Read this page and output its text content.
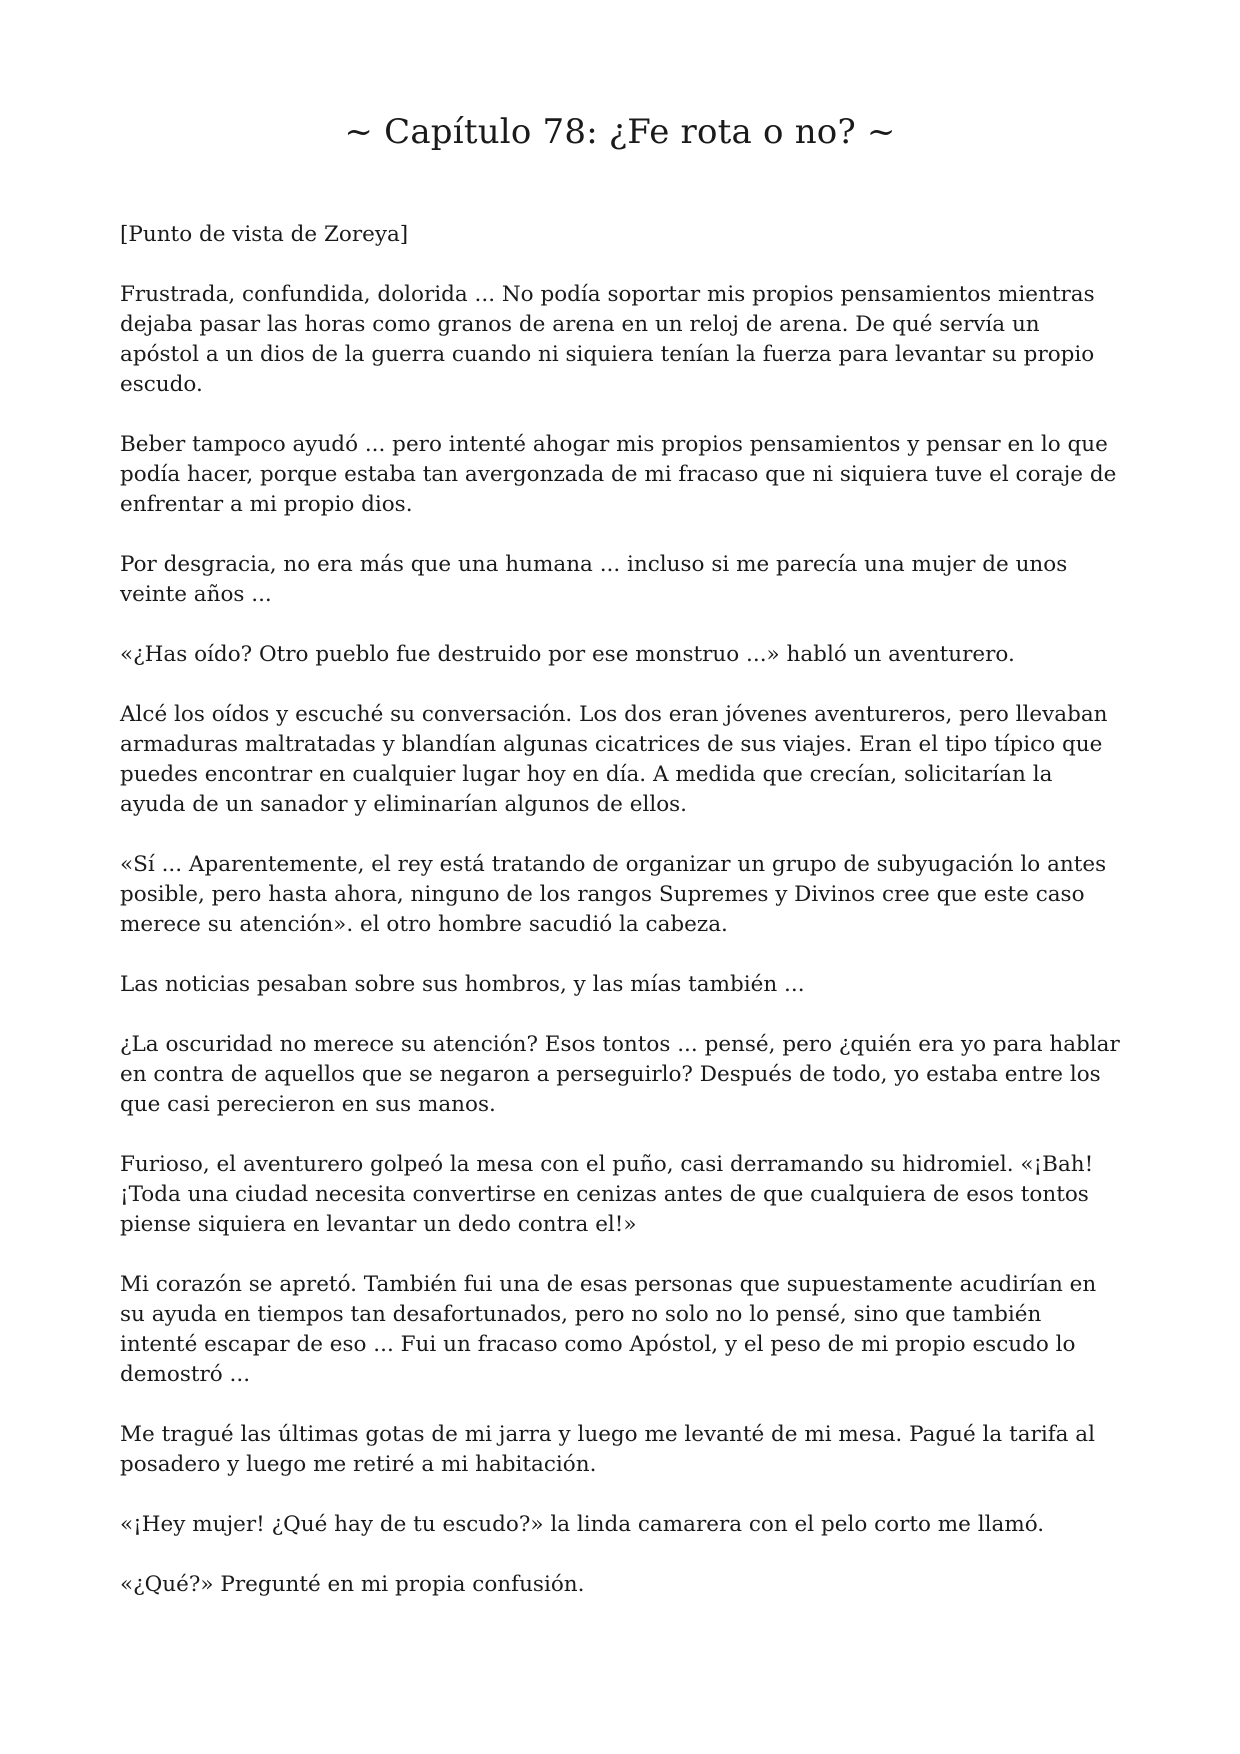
~ Capítulo 78: ¿Fe rota o no? ~

[Punto de vista de Zoreya]

Frustrada, confundida, dolorida ... No podía soportar mis propios pensamientos mientras dejaba pasar las horas como granos de arena en un reloj de arena. De qué servía un apóstol a un dios de la guerra cuando ni siquiera tenían la fuerza para levantar su propio escudo.

Beber tampoco ayudó ... pero intenté ahogar mis propios pensamientos y pensar en lo que podía hacer, porque estaba tan avergonzada de mi fracaso que ni siquiera tuve el coraje de enfrentar a mi propio dios.

Por desgracia, no era más que una humana ... incluso si me parecía una mujer de unos veinte años ...

«¿Has oído? Otro pueblo fue destruido por ese monstruo ...» habló un aventurero.

Alcé los oídos y escuché su conversación. Los dos eran jóvenes aventureros, pero llevaban armaduras maltratadas y blandían algunas cicatrices de sus viajes. Eran el tipo típico que puedes encontrar en cualquier lugar hoy en día. A medida que crecían, solicitarían la ayuda de un sanador y eliminarían algunos de ellos.

«Sí ... Aparentemente, el rey está tratando de organizar un grupo de subyugación lo antes posible, pero hasta ahora, ninguno de los rangos Supremes y Divinos cree que este caso merece su atención». el otro hombre sacudió la cabeza.

Las noticias pesaban sobre sus hombros, y las mías también ...

¿La oscuridad no merece su atención? Esos tontos ... pensé, pero ¿quién era yo para hablar en contra de aquellos que se negaron a perseguirlo? Después de todo, yo estaba entre los que casi perecieron en sus manos.

Furioso, el aventurero golpeó la mesa con el puño, casi derramando su hidromiel. «¡Bah! ¡Toda una ciudad necesita convertirse en cenizas antes de que cualquiera de esos tontos piense siquiera en levantar un dedo contra el!»

Mi corazón se apretó. También fui una de esas personas que supuestamente acudirían en su ayuda en tiempos tan desafortunados, pero no solo no lo pensé, sino que también intenté escapar de eso ... Fui un fracaso como Apóstol, y el peso de mi propio escudo lo demostró ...

Me tragué las últimas gotas de mi jarra y luego me levanté de mi mesa. Pagué la tarifa al posadero y luego me retiré a mi habitación.

«¡Hey mujer! ¿Qué hay de tu escudo?» la linda camarera con el pelo corto me llamó.

«¿Qué?» Pregunté en mi propia confusión.
